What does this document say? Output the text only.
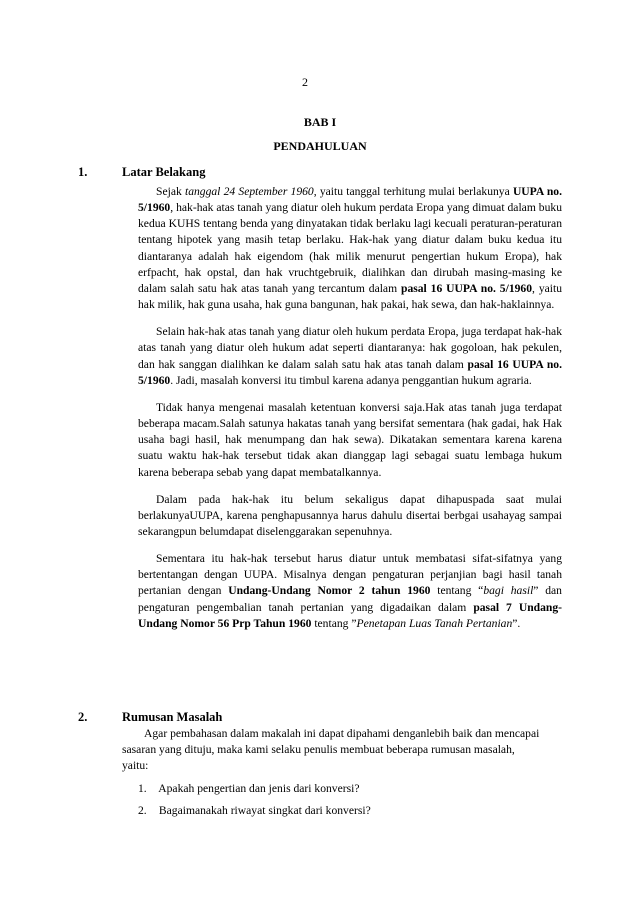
2
BAB I
PENDAHULUAN
1.	Latar Belakang

Sejak tanggal 24 September 1960, yaitu tanggal terhitung mulai berlakunya UUPA no. 5/1960, hak-hak atas tanah yang diatur oleh hukum perdata Eropa yang dimuat dalam buku kedua KUHS tentang benda yang dinyatakan tidak berlaku lagi kecuali peraturan-peraturan tentang hipotek yang masih tetap berlaku. Hak-hak yang diatur dalam buku kedua itu diantaranya adalah hak eigendom (hak milik menurut pengertian hukum Eropa), hak erfpacht, hak opstal, dan hak vruchtgebruik, dialihkan dan dirubah masing-masing ke dalam salah satu hak atas tanah yang tercantum dalam pasal 16 UUPA no. 5/1960, yaitu hak milik, hak guna usaha, hak guna bangunan, hak pakai, hak sewa, dan hak-haklainnya.

Selain hak-hak atas tanah yang diatur oleh hukum perdata Eropa, juga terdapat hak-hak atas tanah yang diatur oleh hukum adat seperti diantaranya: hak gogoloan, hak pekulen, dan hak sanggan dialihkan ke dalam salah satu hak atas tanah dalam pasal 16 UUPA no. 5/1960. Jadi, masalah konversi itu timbul karena adanya penggantian hukum agraria.

Tidak hanya mengenai masalah ketentuan konversi saja.Hak atas tanah juga terdapat beberapa macam.Salah satunya hakatas tanah yang bersifat sementara (hak gadai, hak Hak usaha bagi hasil, hak menumpang dan hak sewa). Dikatakan sementara karena karena suatu waktu hak-hak tersebut tidak akan dianggap lagi sebagai suatu lembaga hukum karena beberapa sebab yang dapat membatalkannya.

Dalam pada hak-hak itu belum sekaligus dapat dihapuspada saat mulai berlakunyaUUPA, karena penghapusannya harus dahulu disertai berbgai usahayag sampai sekarangpun belumdapat diselenggarakan sepenuhnya.

Sementara itu hak-hak tersebut harus diatur untuk membatasi sifat-sifatnya yang bertentangan dengan UUPA. Misalnya dengan pengaturan perjanjian bagi hasil tanah pertanian dengan Undang-Undang Nomor 2 tahun 1960 tentang “bagi hasil” dan pengaturan pengembalian tanah pertanian yang digadaikan dalam pasal 7 Undang-Undang Nomor 56 Prp Tahun 1960 tentang ”Penetapan Luas Tanah Pertanian”.

2.	Rumusan Masalah
Agar pembahasan dalam makalah ini dapat dipahami denganlebih baik dan mencapai sasaran yang dituju, maka kami selaku penulis membuat beberapa rumusan masalah, yaitu:
1. Apakah pengertian dan jenis dari konversi?
2. Bagaimanakah riwayat singkat dari konversi?
